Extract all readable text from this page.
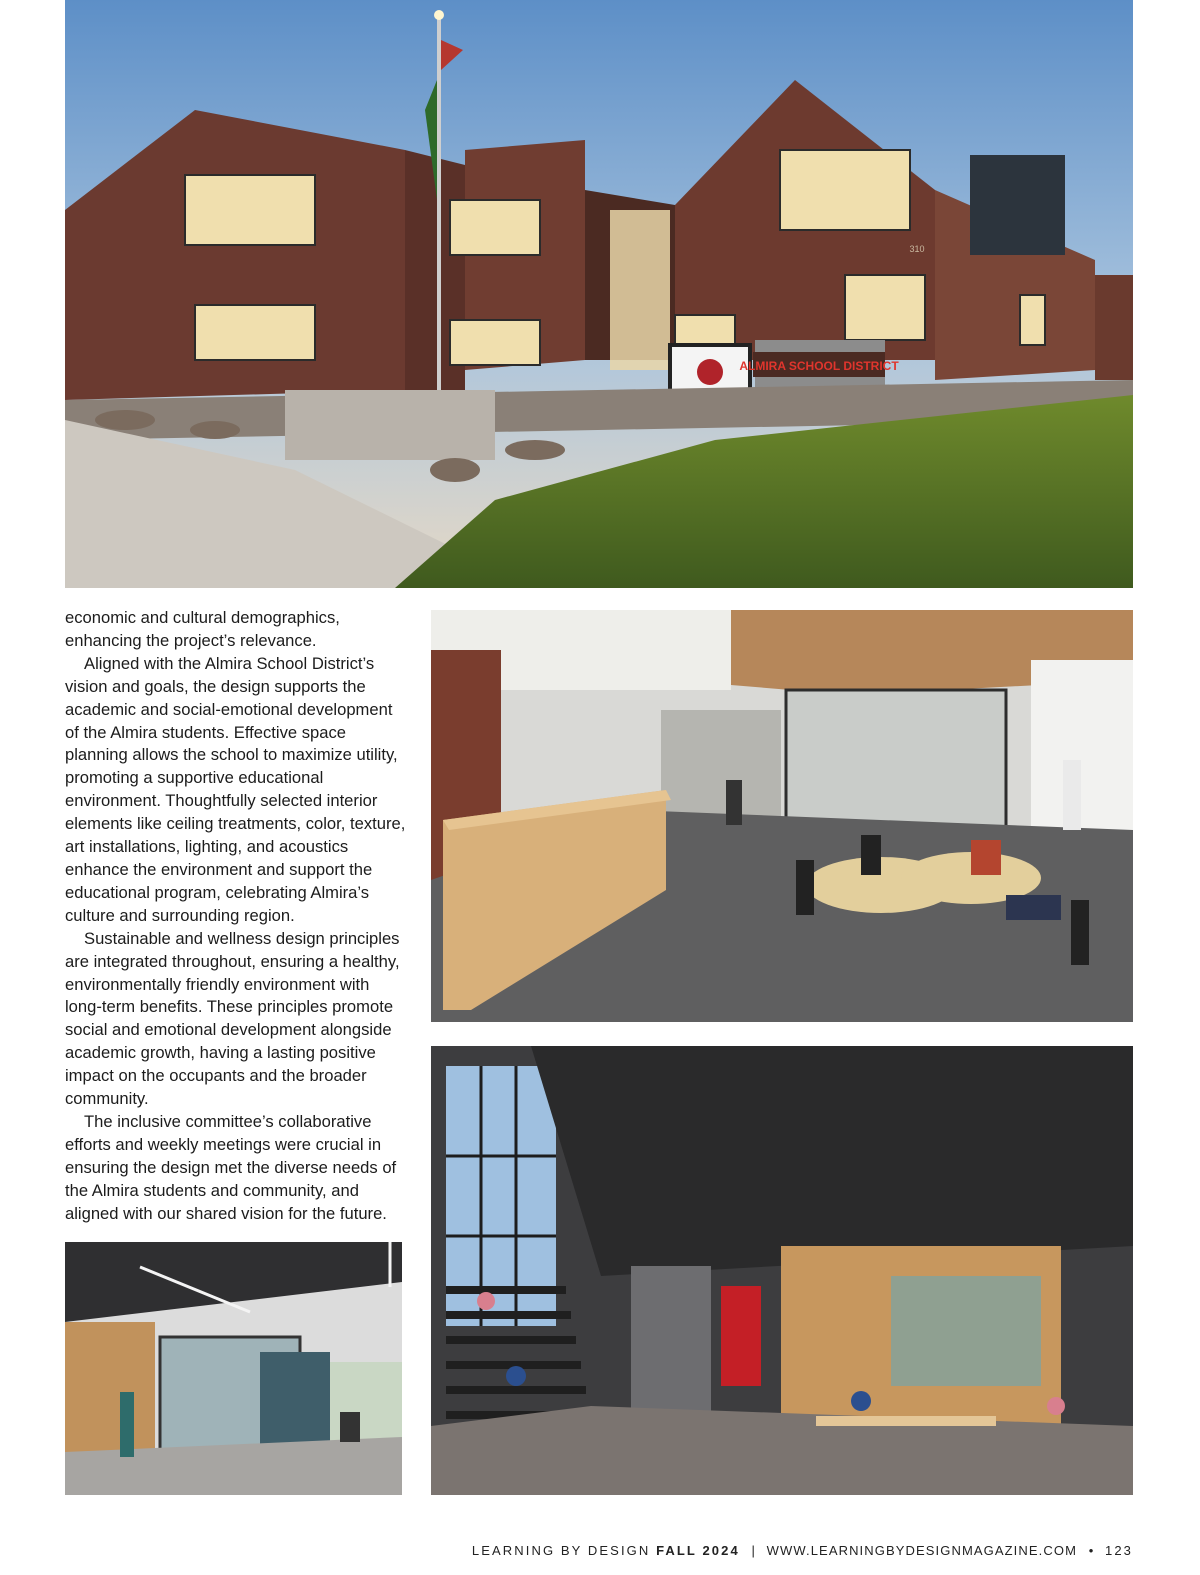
ALMIRA SCHOOL DISTRICT
310

economic and cultural demographics, enhancing the project’s relevance.

Aligned with the Almira School District’s vision and goals, the design supports the academic and social-emotional development of the Almira students. Effective space planning allows the school to maximize utility, promoting a supportive educational environment. Thoughtfully selected interior elements like ceiling treatments, color, texture, art installations, lighting, and acoustics enhance the environment and support the educational program, celebrating Almira’s culture and surrounding region.

Sustainable and wellness design principles are integrated throughout, ensuring a healthy, environmentally friendly environment with long-term benefits. These principles promote social and emotional development alongside academic growth, having a lasting positive impact on the occupants and the broader community.

The inclusive committee’s collaborative efforts and weekly meetings were crucial in ensuring the design met the diverse needs of the Almira students and community, and aligned with our shared vision for the future.

LEARNING BY DESIGN FALL 2024 | WWW.LEARNINGBYDESIGNMAGAZINE.COM • 123
